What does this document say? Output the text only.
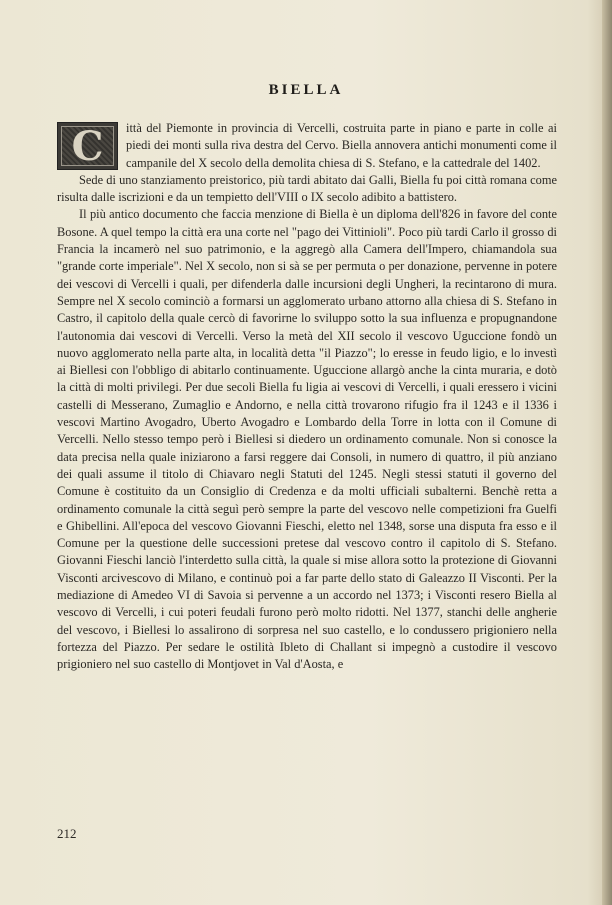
BIELLA

C	ittà del Piemonte in provincia di Vercelli, costruita parte in piano e parte in colle ai piedi dei monti sulla riva destra del Cervo. Biella annovera antichi monumenti come il campanile del X secolo della demolita chiesa di S. Stefano, e la cattedrale del 1402.

Sede di uno stanziamento preistorico, più tardi abitato dai Galli, Biella fu poi città romana come risulta dalle iscrizioni e da un tempietto dell'VIII o IX secolo adibito a battistero.

Il più antico documento che faccia menzione di Biella è un diploma dell'826 in favore del conte Bosone. A quel tempo la città era una corte nel "pago dei Vittinioli". Poco più tardi Carlo il grosso di Francia la incamerò nel suo patrimonio, e la aggregò alla Camera dell'Impero, chiamandola sua "grande corte imperiale". Nel X secolo, non si sà se per permuta o per donazione, pervenne in potere dei vescovi di Vercelli i quali, per difenderla dalle incursioni degli Ungheri, la recintarono di mura. Sempre nel X secolo cominciò a formarsi un agglomerato urbano attorno alla chiesa di S. Stefano in Castro, il capitolo della quale cercò di favorirne lo sviluppo sotto la sua influenza e propugnandone l'autonomia dai vescovi di Vercelli. Verso la metà del XII secolo il vescovo Uguccione fondò un nuovo agglomerato nella parte alta, in località detta "il Piazzo"; lo eresse in feudo ligio, e lo investì ai Biellesi con l'obbligo di abitarlo continuamente. Uguccione allargò anche la cinta muraria, e dotò la città di molti privilegi. Per due secoli Biella fu ligia ai vescovi di Vercelli, i quali eressero i vicini castelli di Messerano, Zumaglio e Andorno, e nella città trovarono rifugio fra il 1243 e il 1336 i vescovi Martino Avogadro, Uberto Avogadro e Lombardo della Torre in lotta con il Comune di Vercelli. Nello stesso tempo però i Biellesi si diedero un ordinamento comunale. Non si conosce la data precisa nella quale iniziarono a farsi reggere dai Consoli, in numero di quattro, il più anziano dei quali assume il titolo di Chiavaro negli Statuti del 1245. Negli stessi statuti il governo del Comune è costituito da un Consiglio di Credenza e da molti ufficiali subalterni. Benchè retta a ordinamento comunale la città seguì però sempre la parte del vescovo nelle competizioni fra Guelfi e Ghibellini. All'epoca del vescovo Giovanni Fieschi, eletto nel 1348, sorse una disputa fra esso e il Comune per la questione delle successioni pretese dal vescovo contro il capitolo di S. Stefano. Giovanni Fieschi lanciò l'interdetto sulla città, la quale si mise allora sotto la protezione di Giovanni Visconti arcivescovo di Milano, e continuò poi a far parte dello stato di Galeazzo II Visconti. Per la mediazione di Amedeo VI di Savoia si pervenne a un accordo nel 1373; i Visconti resero Biella al vescovo di Vercelli, i cui poteri feudali furono però molto ridotti. Nel 1377, stanchi delle angherie del vescovo, i Biellesi lo assalirono di sorpresa nel suo castello, e lo condussero prigioniero nella fortezza del Piazzo. Per sedare le ostilità Ibleto di Challant si impegnò a custodire il vescovo prigioniero nel suo castello di Montjovet in Val d'Aosta, e

212
